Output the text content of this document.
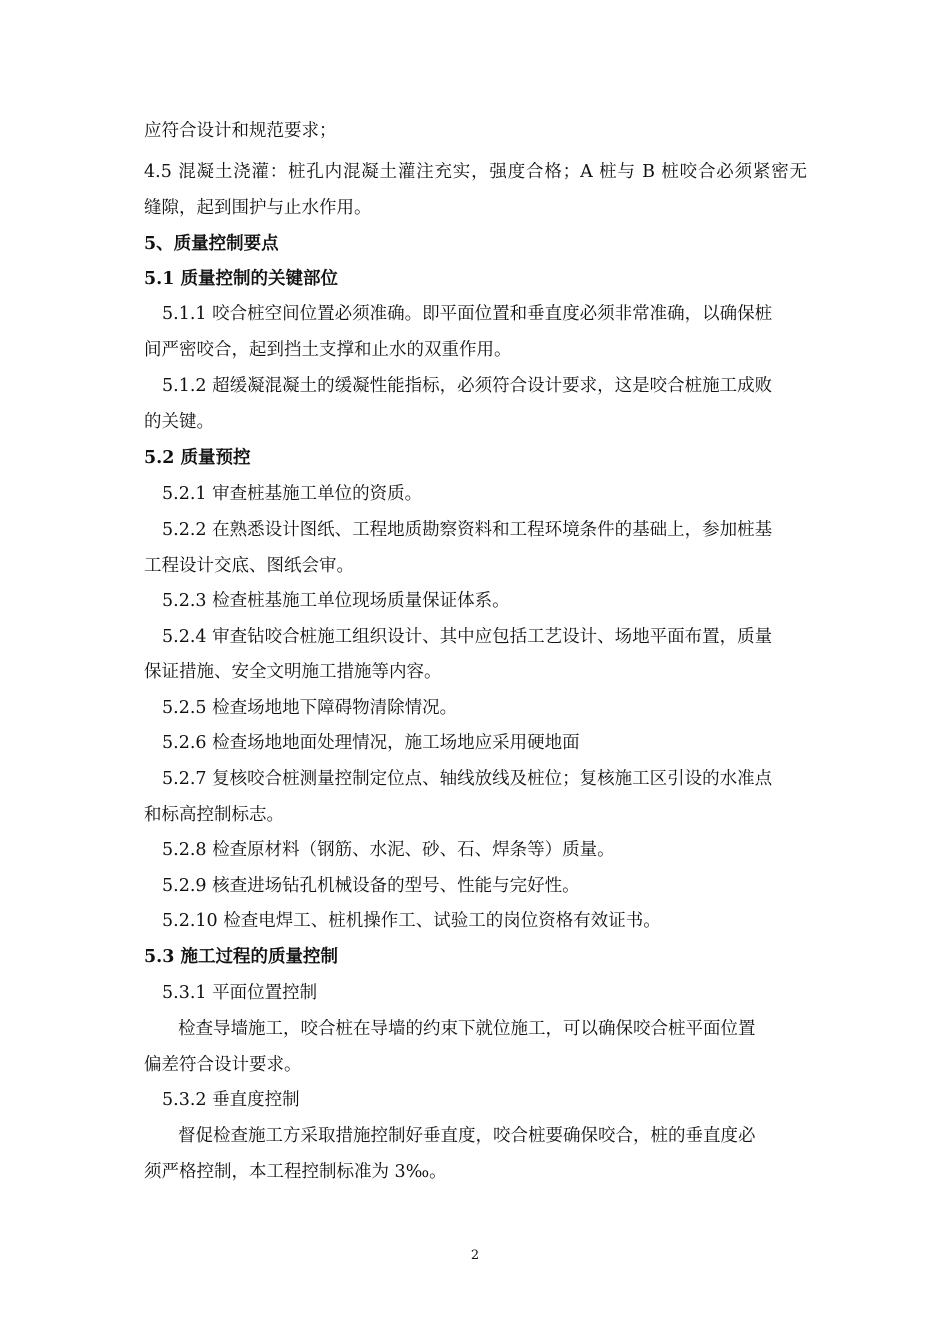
应符合设计和规范要求；
4.5 混凝土浇灌：桩孔内混凝土灌注充实，强度合格；A 桩与 B 桩咬合必须紧密无
缝隙，起到围护与止水作用。
5、质量控制要点
5.1 质量控制的关键部位
5.1.1 咬合桩空间位置必须准确。即平面位置和垂直度必须非常准确，以确保桩
间严密咬合，起到挡土支撑和止水的双重作用。
5.1.2 超缓凝混凝土的缓凝性能指标，必须符合设计要求，这是咬合桩施工成败
的关键。
5.2 质量预控
5.2.1 审查桩基施工单位的资质。
5.2.2 在熟悉设计图纸、工程地质勘察资料和工程环境条件的基础上，参加桩基
工程设计交底、图纸会审。
5.2.3 检查桩基施工单位现场质量保证体系。
5.2.4 审查钻咬合桩施工组织设计、其中应包括工艺设计、场地平面布置，质量
保证措施、安全文明施工措施等内容。
5.2.5 检查场地地下障碍物清除情况。
5.2.6 检查场地地面处理情况，施工场地应采用硬地面
5.2.7 复核咬合桩测量控制定位点、轴线放线及桩位；复核施工区引设的水准点
和标高控制标志。
5.2.8 检查原材料（钢筋、水泥、砂、石、焊条等）质量。
5.2.9 核查进场钻孔机械设备的型号、性能与完好性。
5.2.10 检查电焊工、桩机操作工、试验工的岗位资格有效证书。
5.3 施工过程的质量控制
5.3.1 平面位置控制
检查导墙施工，咬合桩在导墙的约束下就位施工，可以确保咬合桩平面位置
偏差符合设计要求。
5.3.2 垂直度控制
督促检查施工方采取措施控制好垂直度，咬合桩要确保咬合，桩的垂直度必
须严格控制，本工程控制标准为 3‰。
2
